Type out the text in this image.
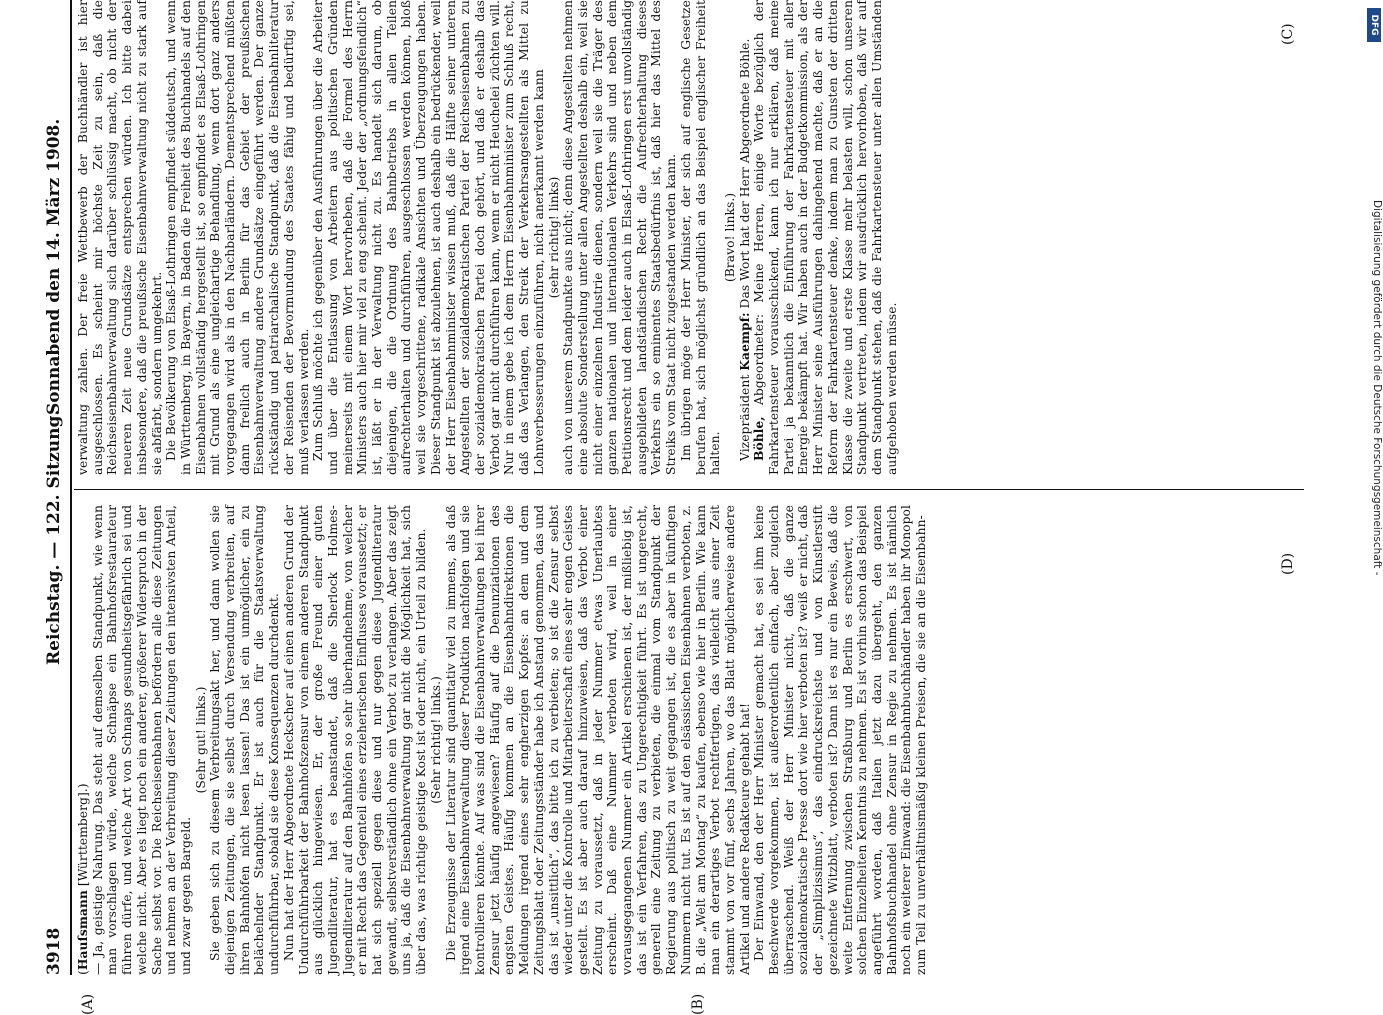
3918
Reichstag. — 122. Sitzung.
Sonnabend den 14. März 1908.
(A)	(B)
(C)
(D)

(Hauſsmann [Württemberg].) — Ja, geistige Nahrung. Das steht auf demselben Standpunkt, wie wenn man vorschlagen würde, welche Schnäpse ein Bahnhofsrestaurateur führen dürfe, und welche Art von Schnaps gesundheitsgefährlich sei und welche nicht. Aber es liegt noch ein anderer, größerer Widerspruch in der Sache selbst vor. Die Reichseisenbahnen befördern alle diese Zeitungen und nehmen an der Verbreitung dieser Zeitungen den intensivsten Anteil, und zwar gegen Bargeld.

(Sehr gut! links.) Sie geben sich zu diesem Verbreitungsakt her, und dann wollen sie diejenigen Zeitungen, die sie selbst durch Versendung verbreiten, auf ihren Bahnhöfen nicht lesen lassen! Das ist ein unmöglicher, ein zu belächelnder Standpunkt. Er ist auch für die Staatsverwaltung undurchführbar, sobald sie diese Konsequenzen durchdenkt. Nun hat der Herr Abgeordnete Heckscher auf einen anderen Grund der Undurchführbarkeit der Bahnhofszensur von einem anderen Standpunkt aus glücklich hingewiesen. Er, der große Freund einer guten Jugendliteratur, hat es beanstandet, daß die Sherlock Holmes-Jugendliteratur auf den Bahnhöfen so sehr überhandnehme, von welcher er mit Recht das Gegenteil eines erzieherischen Einflusses voraussetzt; er hat sich speziell gegen diese und nur gegen diese Jugendliteratur gewandt, selbstverständlich ohne ein Verbot zu verlangen. Aber das zeigt uns ja, daß die Eisenbahnverwaltung gar nicht die Möglichkeit hat, sich über das, was richtige geistige Kost ist oder nicht, ein Urteil zu bilden. (Sehr richtig! links.) Die Erzeugnisse der Literatur sind quantitativ viel zu immens, als daß irgend eine Eisenbahnverwaltung dieser Produktion nachfolgen und sie kontrollieren könnte. Auf was sind die Eisenbahnverwaltungen bei ihrer Zensur jetzt häufig angewiesen? Häufig auf die Denunziationen des engsten Geistes. Häufig kommen an die Eisenbahndirektionen die Meldungen irgend eines sehr engherzigen Kopfes: an dem und dem Zeitungsblatt oder Zeitungsständer habe ich Anstand genommen, das und das ist „unsittlich“, das bitte ich zu verbieten; so ist die Zensur selbst wieder unter die Kontrolle und Mitarbeiterschaft eines sehr engen Geistes gestellt. Es ist aber auch darauf hinzuweisen, daß das Verbot einer Zeitung zu voraussetzt, daß in jeder Nummer etwas Unerlaubtes erscheint. Daß eine Nummer verboten wird, weil in einer vorausgegangenen Nummer ein Artikel erschienen ist, der mißliebig ist, das ist ein Verfahren, das zu Ungerechtigkeit führt. Es ist ungerecht, generell eine Zeitung zu verbieten, die einmal vom Standpunkt der Regierung aus politisch zu weit gegangen ist, die es aber in künftigen Nummern nicht tut. Es ist auf den elsässischen Eisenbahnen verboten, z. B. die „Welt am Montag“ zu kaufen, ebenso wie hier in Berlin. Wie kann man ein derartiges Verbot rechtfertigen, das vielleicht aus einer Zeit stammt von vor fünf, sechs Jahren, wo das Blatt möglicherweise andere Artikel und andere Redakteure gehabt hat! Der Einwand, den der Herr Minister gemacht hat, es sei ihm keine Beschwerde vorgekommen, ist außerordentlich einfach, aber zugleich überraschend. Weiß der Herr Minister nicht, daß die ganze sozialdemokratische Presse dort wie hier verboten ist? weiß er nicht, daß der „Simplizissimus“, das eindrucksreichste und von Künstlerstift gezeichnete Witzblatt, verboten ist? Dann ist es nur ein Beweis, daß die weite Entfernung zwischen Straßburg und Berlin es erschwert, von solchen Einzelheiten Kenntnis zu nehmen. Es ist vorhin schon das Beispiel angeführt worden, daß Italien jetzt dazu übergeht, den ganzen Bahnhofsbuchhandel ohne Zensur in Regie zu nehmen. Es ist nämlich noch ein weiterer Einwand: die Eisenbahnbuchhändler haben ihr Monopol zum Teil zu unverhältnismäßig kleinen Preisen, die sie an die Eisenbahn-

verwaltung zahlen. Der freie Wettbewerb der Buchhändler ist hier ausgeschlossen. Es scheint mir höchste Zeit zu sein, daß die Reichseisenbahnverwaltung sich darüber schlüssig macht, ob nicht der neueren Zeit neue Grundsätze entsprechen würden. Ich bitte dabei insbesondere, daß die preußische Eisenbahnverwaltung nicht zu stark auf sie abfärbt, sondern umgekehrt. Die Bevölkerung von Elsaß-Lothringen empfindet süddeutsch, und wenn in Württemberg, in Bayern, in Baden die Freiheit des Buchhandels auf den Eisenbahnen vollständig hergestellt ist, so empfindet es Elsaß-Lothringen mit Grund als eine ungleichartige Behandlung, wenn dort ganz anders vorgegangen wird als in den Nachbarländern. Dementsprechend müßten dann freilich auch in Berlin für das Gebiet der preußischen Eisenbahnverwaltung andere Grundsätze eingeführt werden. Der ganze rückständig und patriarchalische Standpunkt, daß die Eisenbahnliteratur der Reisenden der Bevormundung des Staates fähig und bedürftig sei, muß verlassen werden. Zum Schluß möchte ich gegenüber den Ausführungen über die Arbeiter und über die Entlassung von Arbeitern aus politischen Gründen meinerseits mit einem Wort hervorheben, daß die Formel des Herrn Ministers auch hier mir viel zu eng scheint. Jeder der „ordnungsfeindlich“ ist, läßt er in der Verwaltung nicht zu. Es handelt sich darum, ob diejenigen, die die Ordnung des Bahnbetriebs in allen Teilen aufrechterhalten und durchführen, ausgeschlossen werden können, bloß weil sie vorgeschrittene, radikale Ansichten und Überzeugungen haben. Dieser Standpunkt ist abzulehnen, ist auch deshalb ein bedrückender, weil der Herr Eisenbahnminister wissen muß, daß die Hälfte seiner unteren Angestellten der sozialdemokratischen Partei der Reichseisenbahnen zu der sozialdemokratischen Partei doch gehört, und daß er deshalb das Verbot gar nicht durchführen kann, wenn er nicht Heuchelei züchten will. Nur in einem gebe ich dem Herrn Eisenbahnminister zum Schluß recht, daß das Verlangen, den Streik der Verkehrsangestellten als Mittel zu Lohnverbesserungen einzuführen, nicht anerkannt werden kann (sehr richtig! links) auch von unserem Standpunkte aus nicht; denn diese Angestellten nehmen eine absolute Sonderstellung unter allen Angestellten deshalb ein, weil sie nicht einer einzelnen Industrie dienen, sondern weil sie die Träger des ganzen nationalen und internationalen Verkehrs sind und neben dem Petitionsrecht und dem leider auch in Elsaß-Lothringen erst unvollständig ausgebildeten landständischen Recht die Aufrechterhaltung dieses Verkehrs ein so eminentes Staatsbedürfnis ist, daß hier das Mittel des Streiks vom Staat nicht zugestanden werden kann. Im übrigen möge der Herr Minister, der sich auf englische Gesetze berufen hat, sich möglichst gründlich an das Beispiel englischer Freiheit halten.

(Bravo! links.)

Vizepräsident Kaempf: Das Wort hat der Herr Abgeordnete Böhle.

Böhle, Abgeordneter: Meine Herren, einige Worte bezüglich der Fahrkartensteuer vorausschickend, kann ich nur erklären, daß meine Partei ja bekanntlich die Einführung der Fahrkartensteuer mit aller Energie bekämpft hat. Wir haben auch in der Budgetkommission, als der Herr Minister seine Ausführungen dahingehend machte, daß er an die Reform der Fahrkartensteuer denke, indem man zu Gunsten der dritten Klasse die zweite und erste Klasse mehr belasten will, schon unseren Standpunkt vertreten, indem wir ausdrücklich hervorhoben, daß wir auf dem Standpunkt stehen, daß die Fahrkartensteuer unter allen Umständen aufgehoben werden müsse.	Digitalisierung gefördert durch die Deutsche Forschungsgemeinschaft -
DFG
